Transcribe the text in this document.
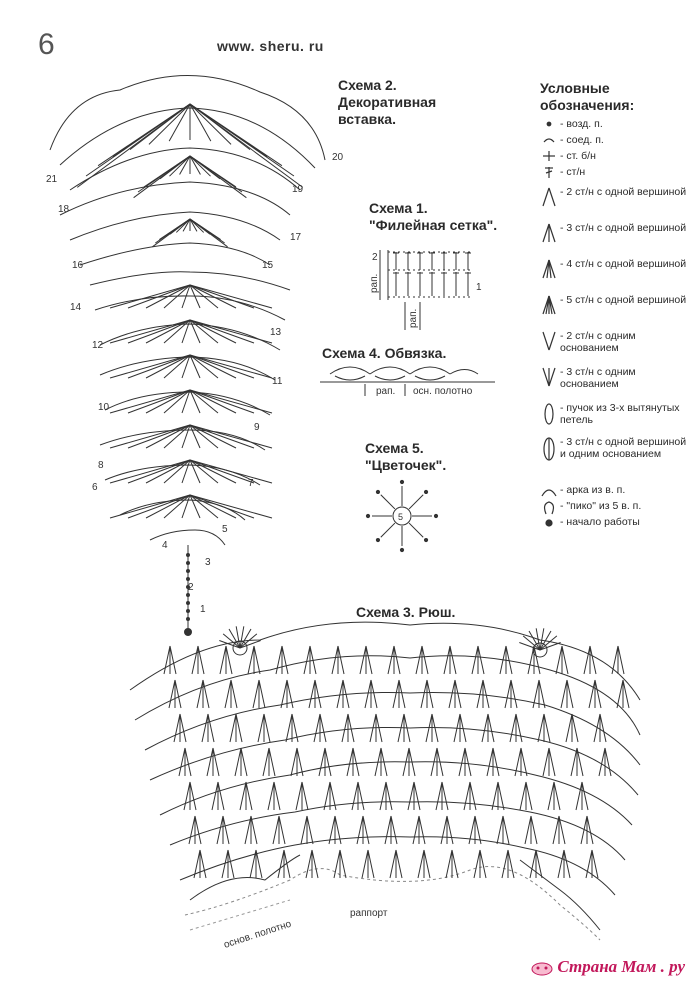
6	www. sheru. ru
Схема 2.
Декоративная
вставка.
Схема 1.
"Филейная сетка".
Схема 4. Обвязка.
Схема 5.
"Цветочек".
Схема 3. Рюш.
2
1
рап.
рап.
рап. осн. полотно
5
раппорт
основ. полотно
1
2
3
4
5
6	7
8
9
10
11
12
13
14
15
16
17
18
19
20
21
Условные
обозначения:
- возд. п.
- соед. п.
- ст. б/н
- ст/н
- 2 ст/н с одной вершиной
- 3 ст/н с одной вершиной
- 4 ст/н с одной вершиной
- 5 ст/н с одной вершиной
- 2 ст/н с одним основанием
- 3 ст/н с одним основанием
- пучок из 3-х вытянутых петель
- 3 ст/н с одной вершиной и одним основанием
- арка из в. п.
- "пико" из 5 в. п.
- начало работы
Страна Мам . ру
